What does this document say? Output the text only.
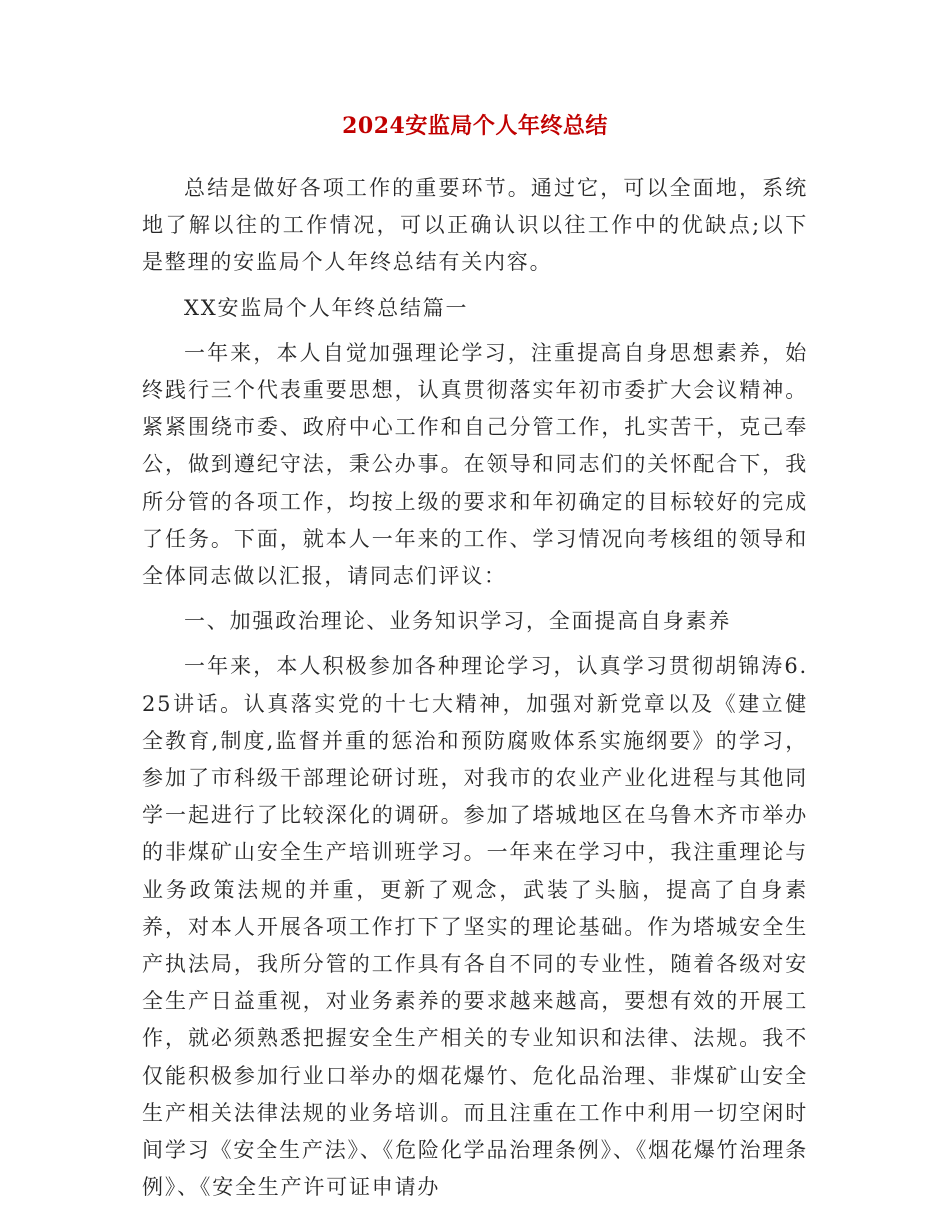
2024安监局个人年终总结

总结是做好各项工作的重要环节。通过它，可以全面地，系统地了解以往的工作情况，可以正确认识以往工作中的优缺点;以下是整理的安监局个人年终总结有关内容。

XX安监局个人年终总结篇一

一年来，本人自觉加强理论学习，注重提高自身思想素养，始终践行三个代表重要思想，认真贯彻落实年初市委扩大会议精神。紧紧围绕市委、政府中心工作和自己分管工作，扎实苦干，克己奉公，做到遵纪守法，秉公办事。在领导和同志们的关怀配合下，我所分管的各项工作，均按上级的要求和年初确定的目标较好的完成了任务。下面，就本人一年来的工作、学习情况向考核组的领导和全体同志做以汇报，请同志们评议：

一、加强政治理论、业务知识学习，全面提高自身素养

一年来，本人积极参加各种理论学习，认真学习贯彻胡锦涛6.25讲话。认真落实党的十七大精神，加强对新党章以及《建立健全教育,制度,监督并重的惩治和预防腐败体系实施纲要》的学习，参加了市科级干部理论研讨班，对我市的农业产业化进程与其他同学一起进行了比较深化的调研。参加了塔城地区在乌鲁木齐市举办的非煤矿山安全生产培训班学习。一年来在学习中，我注重理论与业务政策法规的并重，更新了观念，武装了头脑，提高了自身素养，对本人开展各项工作打下了坚实的理论基础。作为塔城安全生产执法局，我所分管的工作具有各自不同的专业性，随着各级对安全生产日益重视，对业务素养的要求越来越高，要想有效的开展工作，就必须熟悉把握安全生产相关的专业知识和法律、法规。我不仅能积极参加行业口举办的烟花爆竹、危化品治理、非煤矿山安全生产相关法律法规的业务培训。而且注重在工作中利用一切空闲时间学习《安全生产法》、《危险化学品治理条例》、《烟花爆竹治理条例》、《安全生产许可证申请办
